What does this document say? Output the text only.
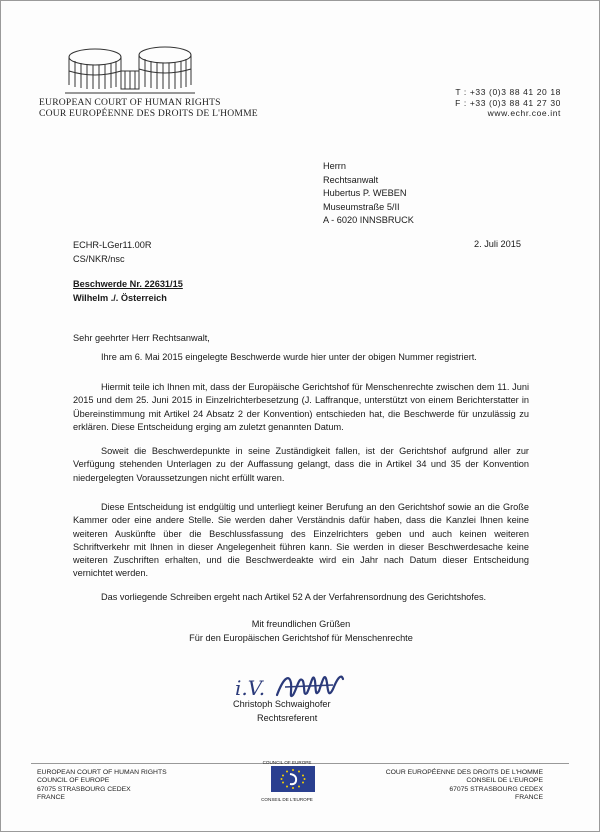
EUROPEAN COURT OF HUMAN RIGHTS
COUR EUROPÉENNE DES DROITS DE L'HOMME
T : +33 (0)3 88 41 20 18
F : +33 (0)3 88 41 27 30
www.echr.coe.int
Herrn
Rechtsanwalt
Hubertus P. WEBEN
Museumstraße 5/II
A - 6020 INNSBRUCK
ECHR-LGer11.00R
CS/NKR/nsc
2. Juli 2015
Beschwerde Nr. 22631/15
Wilhelm ./. Österreich
Sehr geehrter Herr Rechtsanwalt,
Ihre am 6. Mai 2015 eingelegte Beschwerde wurde hier unter der obigen Nummer registriert.
Hiermit teile ich Ihnen mit, dass der Europäische Gerichtshof für Menschenrechte zwischen dem 11. Juni 2015 und dem 25. Juni 2015 in Einzelrichterbesetzung (J. Laffranque, unterstützt von einem Berichterstatter in Übereinstimmung mit Artikel 24 Absatz 2 der Konvention) entschieden hat, die Beschwerde für unzulässig zu erklären. Diese Entscheidung erging am zuletzt genannten Datum.
Soweit die Beschwerdepunkte in seine Zuständigkeit fallen, ist der Gerichtshof aufgrund aller zur Verfügung stehenden Unterlagen zu der Auffassung gelangt, dass die in Artikel 34 und 35 der Konvention niedergelegten Voraussetzungen nicht erfüllt waren.
Diese Entscheidung ist endgültig und unterliegt keiner Berufung an den Gerichtshof sowie an die Große Kammer oder eine andere Stelle. Sie werden daher Verständnis dafür haben, dass die Kanzlei Ihnen keine weiteren Auskünfte über die Beschlussfassung des Einzelrichters geben und auch keinen weiteren Schriftverkehr mit Ihnen in dieser Angelegenheit führen kann. Sie werden in dieser Beschwerdesache keine weiteren Zuschriften erhalten, und die Beschwerdeakte wird ein Jahr nach Datum dieser Entscheidung vernichtet werden.
Das vorliegende Schreiben ergeht nach Artikel 52 A der Verfahrensordnung des Gerichtshofes.
Mit freundlichen Grüßen
Für den Europäischen Gerichtshof für Menschenrechte
i.V.
Christoph Schwaighofer
Rechtsreferent
EUROPEAN COURT OF HUMAN RIGHTS
COUNCIL OF EUROPE
67075 STRASBOURG CEDEX
FRANCE
COUNCIL OF EUROPE
CONSEIL DE L'EUROPE
COUR EUROPÉENNE DES DROITS DE L'HOMME
CONSEIL DE L'EUROPE
67075 STRASBOURG CEDEX
FRANCE
